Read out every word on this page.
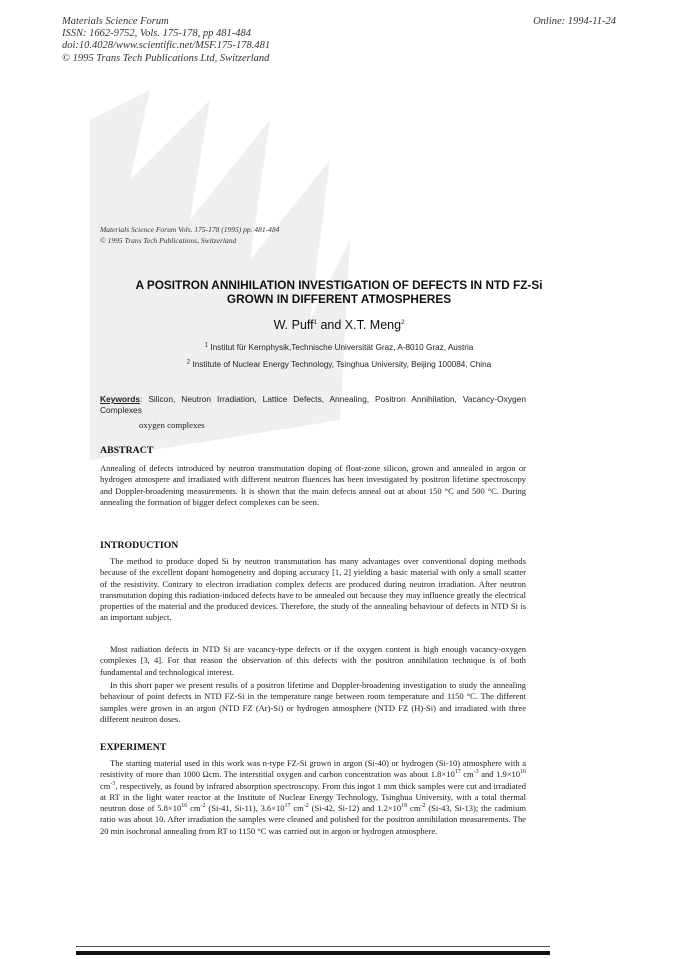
Materials Science Forum
ISSN: 1662-9752, Vols. 175-178, pp 481-484
doi:10.4028/www.scientific.net/MSF.175-178.481
© 1995 Trans Tech Publications Ltd, Switzerland
Online: 1994-11-24
Materials Science Forum Vols. 175-178 (1995) pp. 481-484
© 1995 Trans Tech Publications, Switzerland
A POSITRON ANNIHILATION INVESTIGATION OF DEFECTS IN NTD FZ-Si
GROWN IN DIFFERENT ATMOSPHERES
W. Puff$^1$ and X.T. Meng$^2$
$^1$ Institut für Kernphysik,Technische Universität Graz, A-8010 Graz, Austria
$^2$ Institute of Nuclear Energy Technology, Tsinghua University, Beijing 100084, China
Keywords: Silicon, Neutron Irradiation, Lattice Defects, Annealing, Positron Annihilation, Vacancy-Oxygen Complexes
oxygen complexes
ABSTRACT
Annealing of defects introduced by neutron transmutation doping of float-zone silicon, grown and annealed in argon or hydrogen atmospere and irradiated with different neutron fluences has been investigated by positron lifetime spectroscopy and Doppler-broadening measurements. It is shown that the main defects anneal out at about 150 °C and 500 °C. During annealing the formation of bigger defect complexes can be seen.
INTRODUCTION
The method to produce doped Si by neutron transmutation has many advantages over conventional doping methods because of the excellent dopant homogeneity and doping accuracy [1, 2] yielding a basic material with only a small scatter of the resistivity. Contrary to electron irradiation complex defects are produced during neutron irradiation. After neutron transmutation doping this radiation-induced defects have to be annealed out because they may influence greatly the electrical properties of the material and the produced devices. Therefore, the study of the annealing behaviour of defects in NTD Si is an important subject.
Most radiation defects in NTD Si are vacancy-type defects or if the oxygen content is high enough vacancy-oxygen complexes [3, 4]. For that reason the observation of this defects with the positron annihilation technique is of both fundamental and technological interest.
In this short paper we present results of a positron lifetime and Doppler-broadening investigation to study the annealing behaviour of point defects in NTD FZ-Si in the temperature range between room temperature and 1150 °C. The different samples were grown in an argon (NTD FZ (Ar)-Si) or hydrogen atmosphere (NTD FZ (H)-Si) and irradiated with three different neutron doses.
EXPERIMENT
The starting material used in this work was n-type FZ-Si grown in argon (Si-40) or hydrogen (Si-10) atmosphere with a resistivity of more than 1000 Ωcm. The interstitial oxygen and carbon concentration was about $1.8\times 10^{17}$ $cm^{-3}$ and $1.9\times 10^{16}$ $cm^{-3}$, respectively, as found by infrared absorption spectroscopy. From this ingot 1 mm thick samples were cut and irradiated at RT in the light water reactor at the Institute of Nuclear Energy Technology, Tsinghua University, with a total thermal neutron dose of $5.8\times 10^{16}$ $cm^{-2}$ (Si-41, Si-11), $3.6\times 10^{17}$ $cm^{-2}$ (Si-42, Si-12) and $1.2\times 10^{18}$ $cm^{-2}$ (Si-43, Si-13); the cadmium ratio was about 10. After irradiation the samples were cleaned and polished for the positron annihilation measurements. The 20 min isochronal annealing from RT to 1150 °C was carried out in argon or hydrogen atmosphere.
